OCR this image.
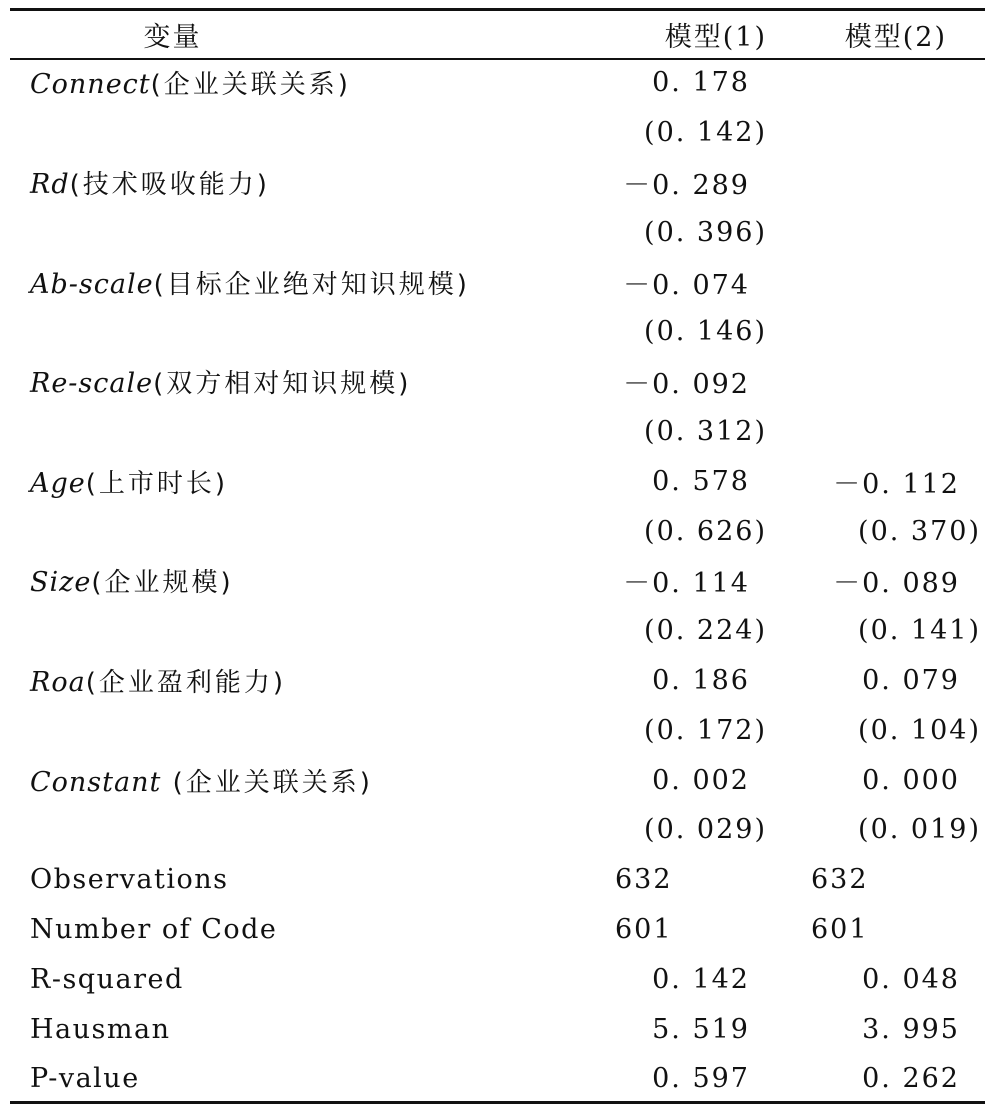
变量	模型(1)	模型(2)
Connect(企业关联关系)	0. 178	
	(0. 142)	
Rd(技术吸收能力)	－0. 289	
	(0. 396)	
Ab-scale(目标企业绝对知识规模)	－0. 074	
	(0. 146)	
Re-scale(双方相对知识规模)	－0. 092	
	(0. 312)	
Age(上市时长)	0. 578	－0. 112
	(0. 626)	(0. 370)
Size(企业规模)	－0. 114	－0. 089
	(0. 224)	(0. 141)
Roa(企业盈利能力)	0. 186	0. 079
	(0. 172)	(0. 104)
Constant (企业关联关系)	0. 002	0. 000
	(0. 029)	(0. 019)
Observations	632	632
Number of Code	601	601
R-squared	0. 142	0. 048
Hausman	5. 519	3. 995
P-value	0. 597	0. 262
